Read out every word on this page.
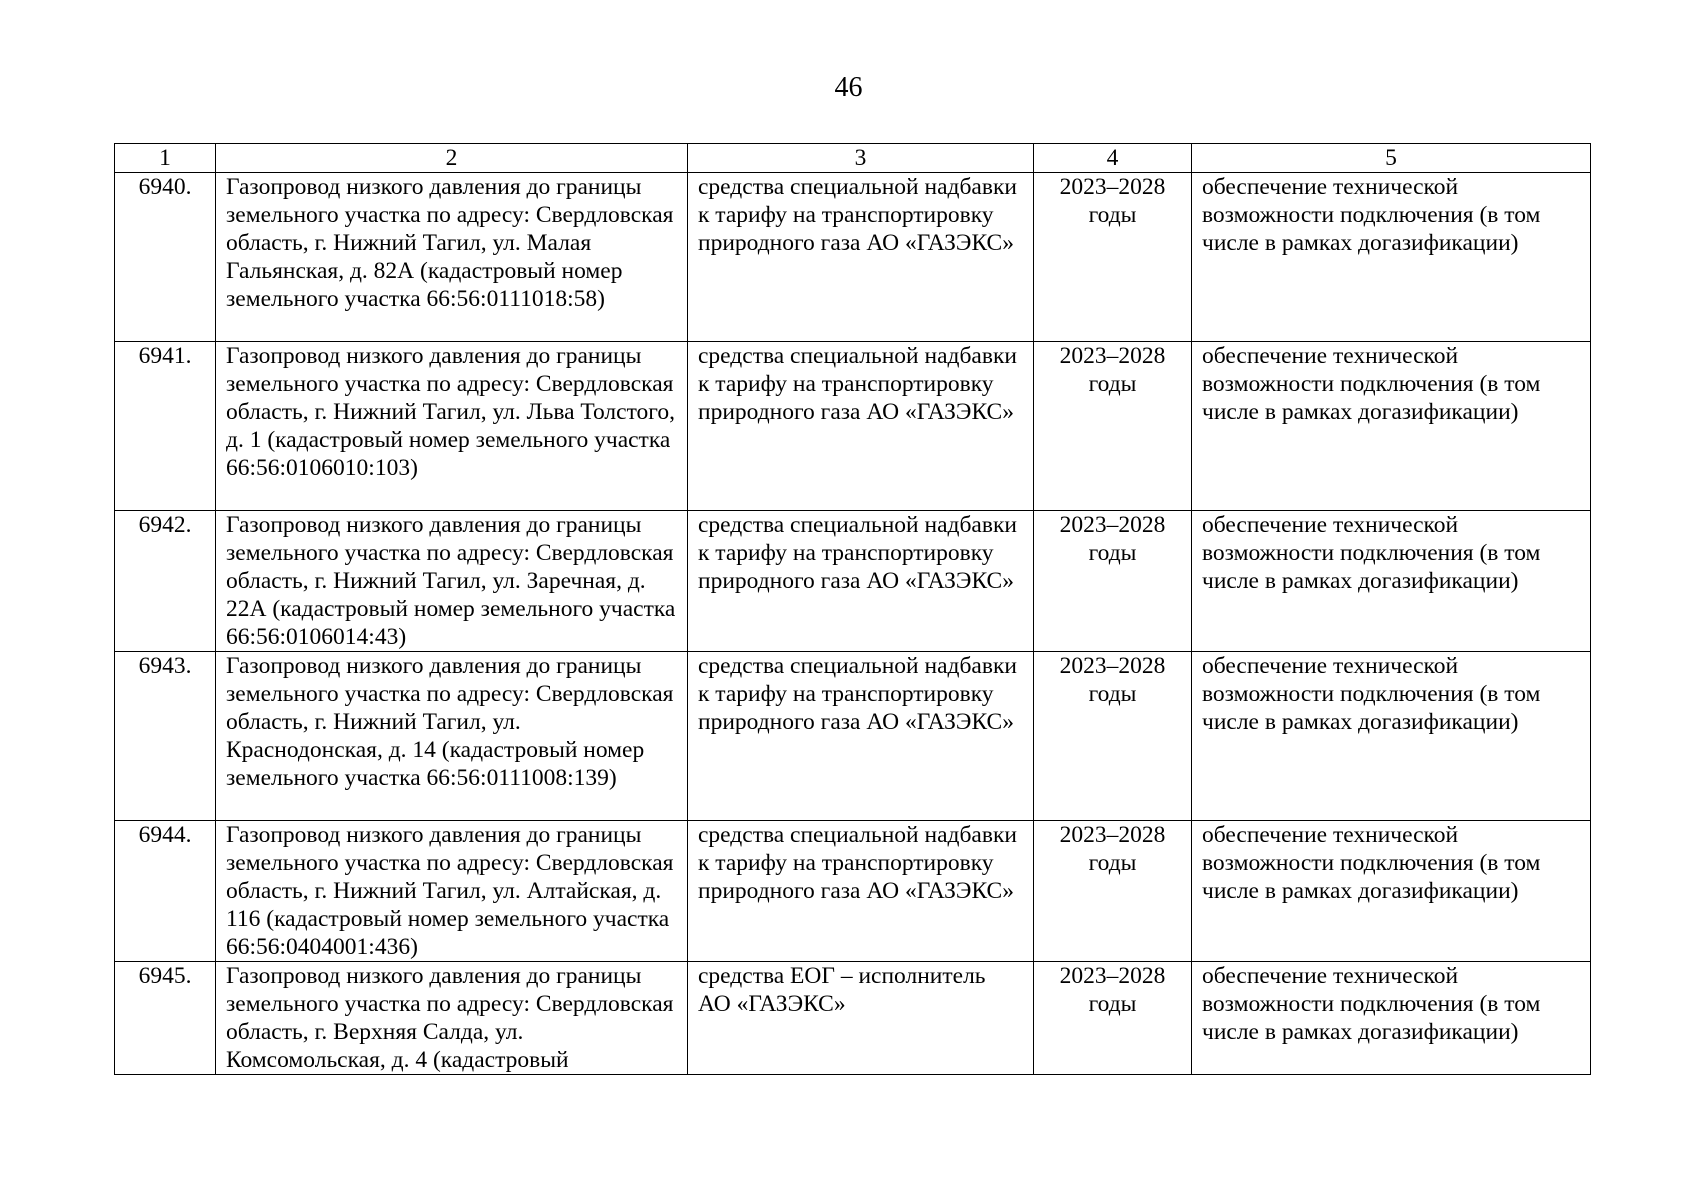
46
1	2	3	4	5
6940.	Газопровод низкого давления до границы земельного участка по адресу: Свердловская область, г. Нижний Тагил, ул. Малая Гальянская, д. 82А (кадастровый номер земельного участка 66:56:0111018:58)	средства специальной надбавки к тарифу на транспортировку природного газа АО «ГАЗЭКС»	2023–2028 годы	обеспечение технической возможности подключения (в том числе в рамках догазификации)
6941.	Газопровод низкого давления до границы земельного участка по адресу: Свердловская область, г. Нижний Тагил, ул. Льва Толстого, д. 1 (кадастровый номер земельного участка 66:56:0106010:103)	средства специальной надбавки к тарифу на транспортировку природного газа АО «ГАЗЭКС»	2023–2028 годы	обеспечение технической возможности подключения (в том числе в рамках догазификации)
6942.	Газопровод низкого давления до границы земельного участка по адресу: Свердловская область, г. Нижний Тагил, ул. Заречная, д. 22А (кадастровый номер земельного участка 66:56:0106014:43)	средства специальной надбавки к тарифу на транспортировку природного газа АО «ГАЗЭКС»	2023–2028 годы	обеспечение технической возможности подключения (в том числе в рамках догазификации)
6943.	Газопровод низкого давления до границы земельного участка по адресу: Свердловская область, г. Нижний Тагил, ул. Краснодонская, д. 14 (кадастровый номер земельного участка 66:56:0111008:139)	средства специальной надбавки к тарифу на транспортировку природного газа АО «ГАЗЭКС»	2023–2028 годы	обеспечение технической возможности подключения (в том числе в рамках догазификации)
6944.	Газопровод низкого давления до границы земельного участка по адресу: Свердловская область, г. Нижний Тагил, ул. Алтайская, д. 116 (кадастровый номер земельного участка 66:56:0404001:436)	средства специальной надбавки к тарифу на транспортировку природного газа АО «ГАЗЭКС»	2023–2028 годы	обеспечение технической возможности подключения (в том числе в рамках догазификации)
6945.	Газопровод низкого давления до границы земельного участка по адресу: Свердловская область, г. Верхняя Салда, ул. Комсомольская, д. 4 (кадастровый	средства ЕОГ – исполнитель АО «ГАЗЭКС»	2023–2028 годы	обеспечение технической возможности подключения (в том числе в рамках догазификации)
